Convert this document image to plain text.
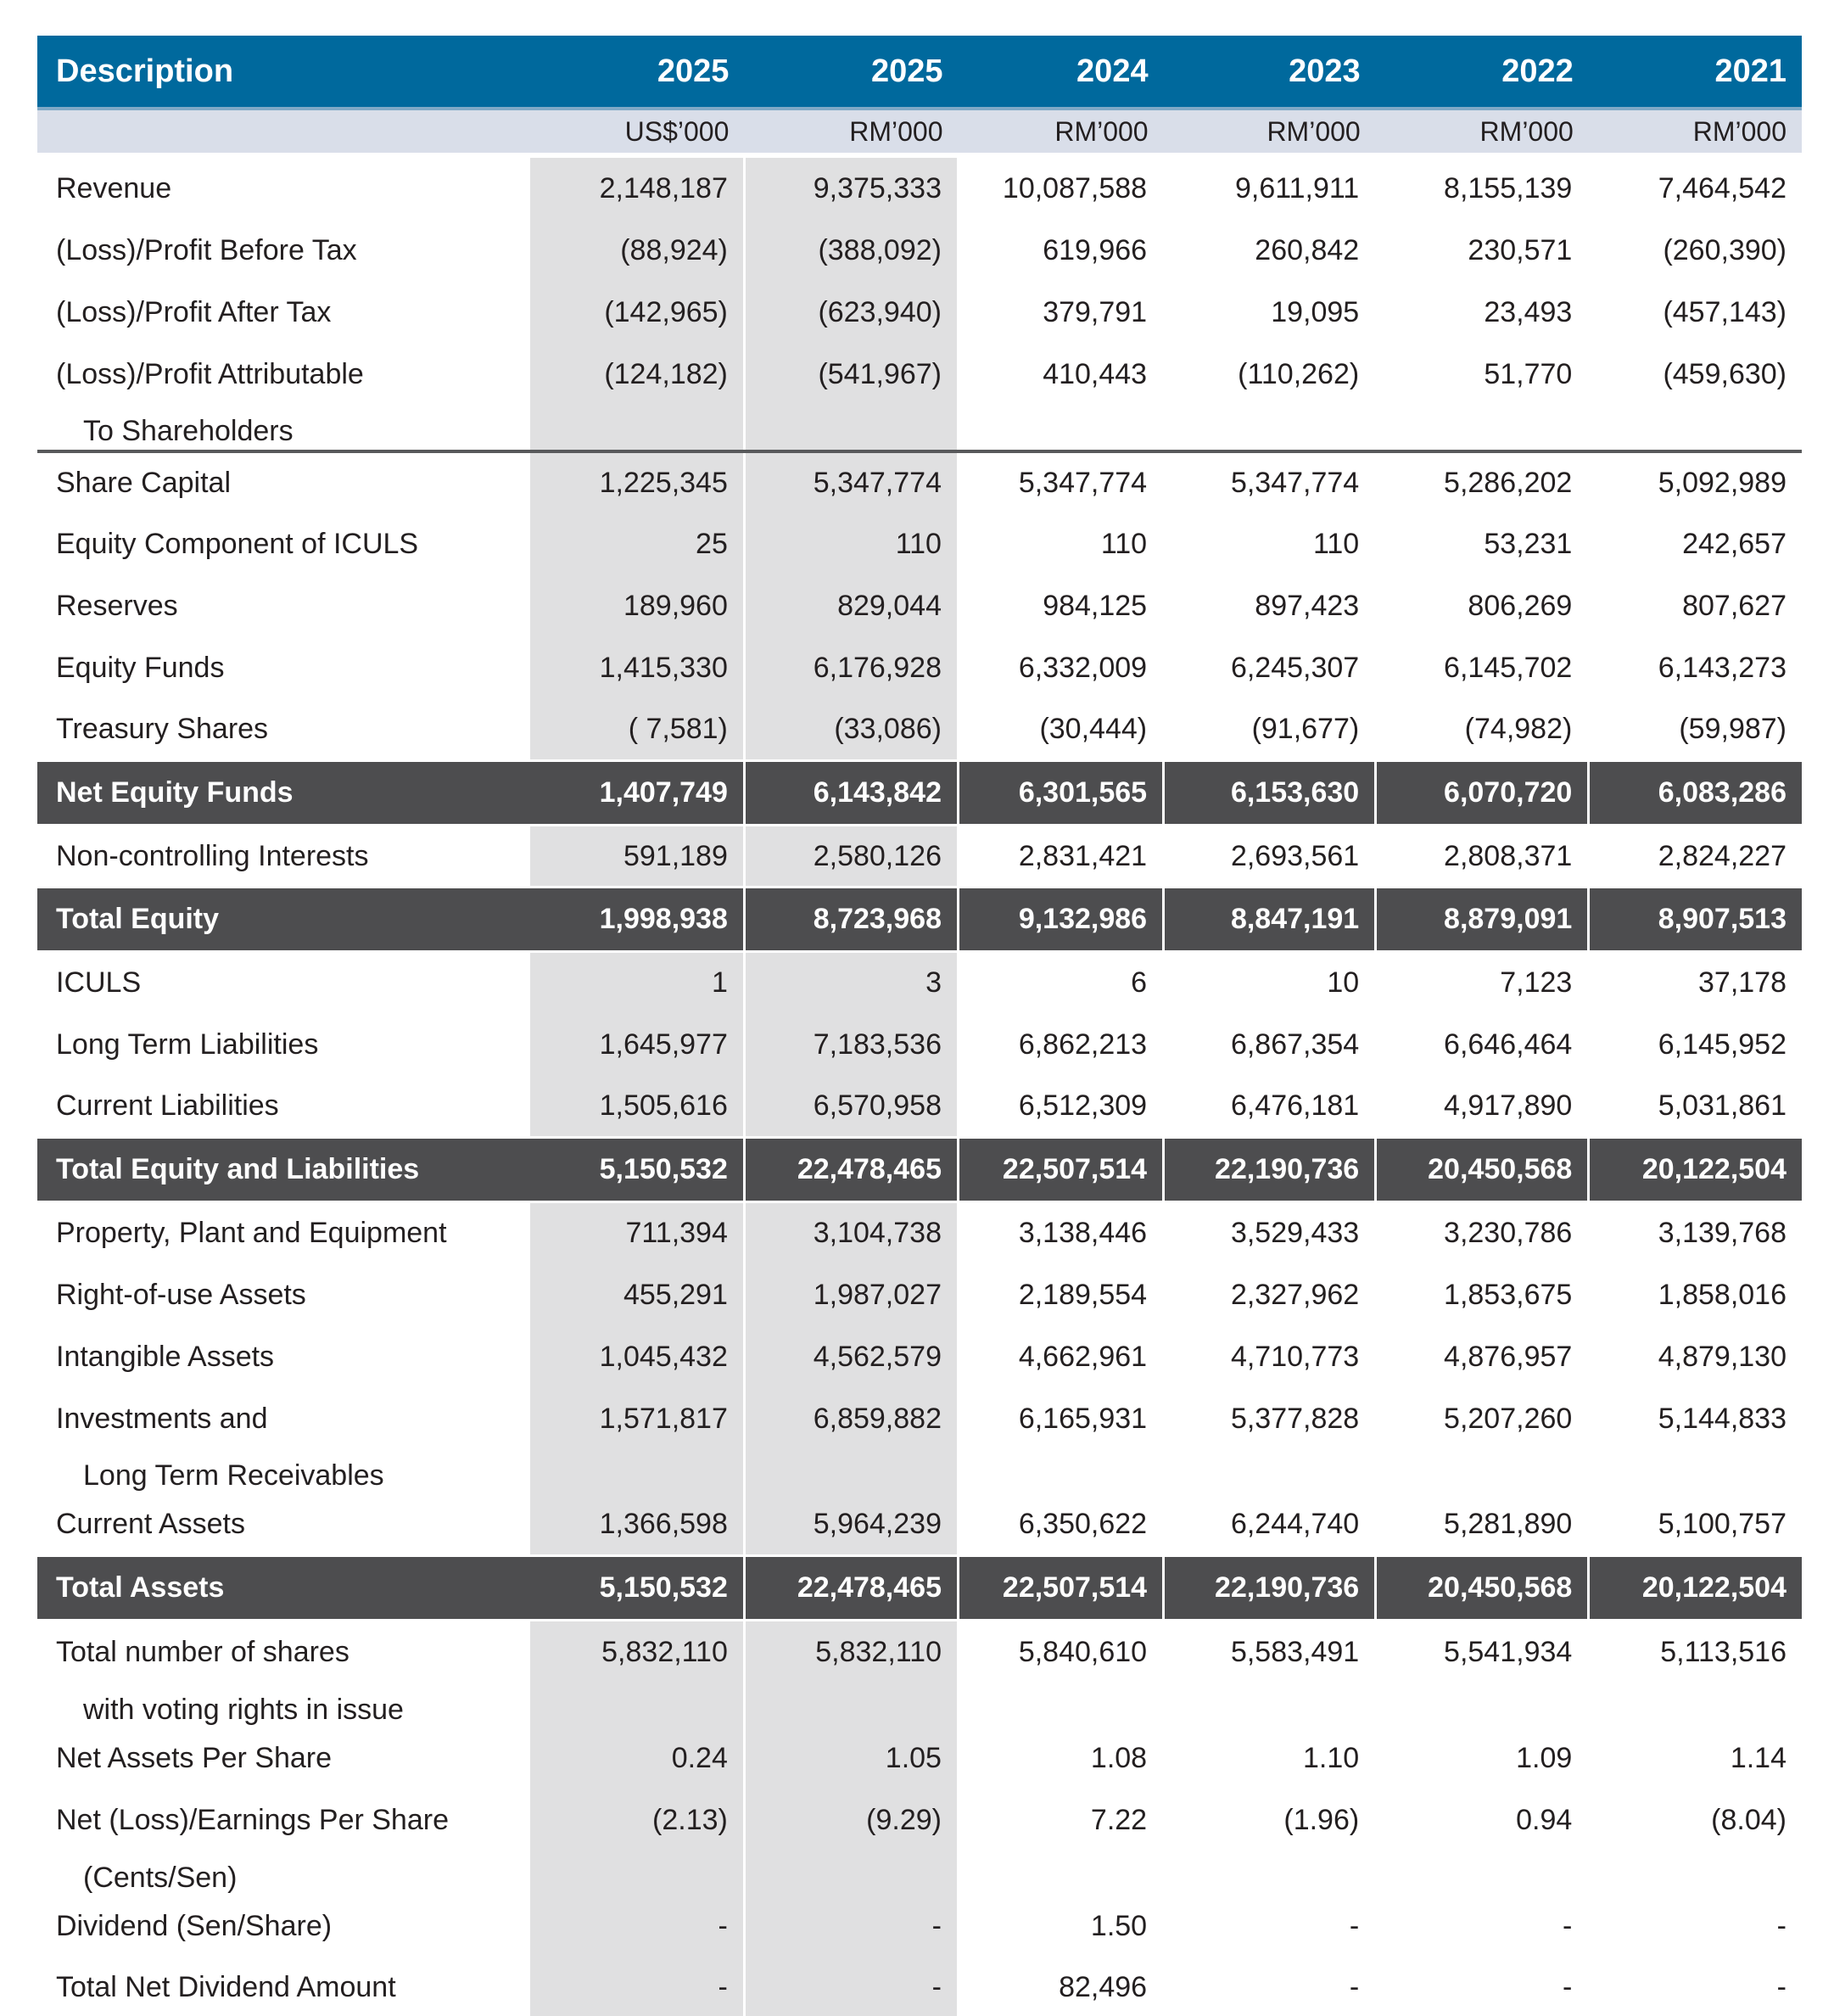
Description	2025	2025	2024	2023	2022	2021
	US$’000	RM’000	RM’000	RM’000	RM’000	RM’000

Revenue	2,148,187	9,375,333	10,087,588	9,611,911	8,155,139	7,464,542

(Loss)/Profit Before Tax	(88,924)	(388,092)	619,966	260,842	230,571	(260,390)

(Loss)/Profit After Tax	(142,965)	(623,940)	379,791	19,095	23,493	(457,143)

(Loss)/Profit Attributable
To Shareholders	(124,182)	(541,967)	410,443	(110,262)	51,770	(459,630)

Share Capital	1,225,345	5,347,774	5,347,774	5,347,774	5,286,202	5,092,989

Equity Component of ICULS	25	110	110	110	53,231	242,657

Reserves	189,960	829,044	984,125	897,423	806,269	807,627

Equity Funds	1,415,330	6,176,928	6,332,009	6,245,307	6,145,702	6,143,273

Treasury Shares	( 7,581)	(33,086)	(30,444)	(91,677)	(74,982)	(59,987)

Net Equity Funds	1,407,749	6,143,842	6,301,565	6,153,630	6,070,720	6,083,286

Non-controlling Interests	591,189	2,580,126	2,831,421	2,693,561	2,808,371	2,824,227

Total Equity	1,998,938	8,723,968	9,132,986	8,847,191	8,879,091	8,907,513

ICULS	1	3	6	10	7,123	37,178

Long Term Liabilities	1,645,977	7,183,536	6,862,213	6,867,354	6,646,464	6,145,952

Current Liabilities	1,505,616	6,570,958	6,512,309	6,476,181	4,917,890	5,031,861

Total Equity and Liabilities	5,150,532	22,478,465	22,507,514	22,190,736	20,450,568	20,122,504

Property, Plant and Equipment	711,394	3,104,738	3,138,446	3,529,433	3,230,786	3,139,768

Right-of-use Assets	455,291	1,987,027	2,189,554	2,327,962	1,853,675	1,858,016

Intangible Assets	1,045,432	4,562,579	4,662,961	4,710,773	4,876,957	4,879,130

Investments and
Long Term Receivables	1,571,817	6,859,882	6,165,931	5,377,828	5,207,260	5,144,833

Current Assets	1,366,598	5,964,239	6,350,622	6,244,740	5,281,890	5,100,757

Total Assets	5,150,532	22,478,465	22,507,514	22,190,736	20,450,568	20,122,504

Total number of shares
with voting rights in issue	5,832,110	5,832,110	5,840,610	5,583,491	5,541,934	5,113,516

Net Assets Per Share	0.24	1.05	1.08	1.10	1.09	1.14

Net (Loss)/Earnings Per Share
(Cents/Sen)	(2.13)	(9.29)	7.22	(1.96)	0.94	(8.04)

Dividend (Sen/Share)	-	-	1.50	-	-	-

Total Net Dividend Amount	-	-	82,496	-	-	-
